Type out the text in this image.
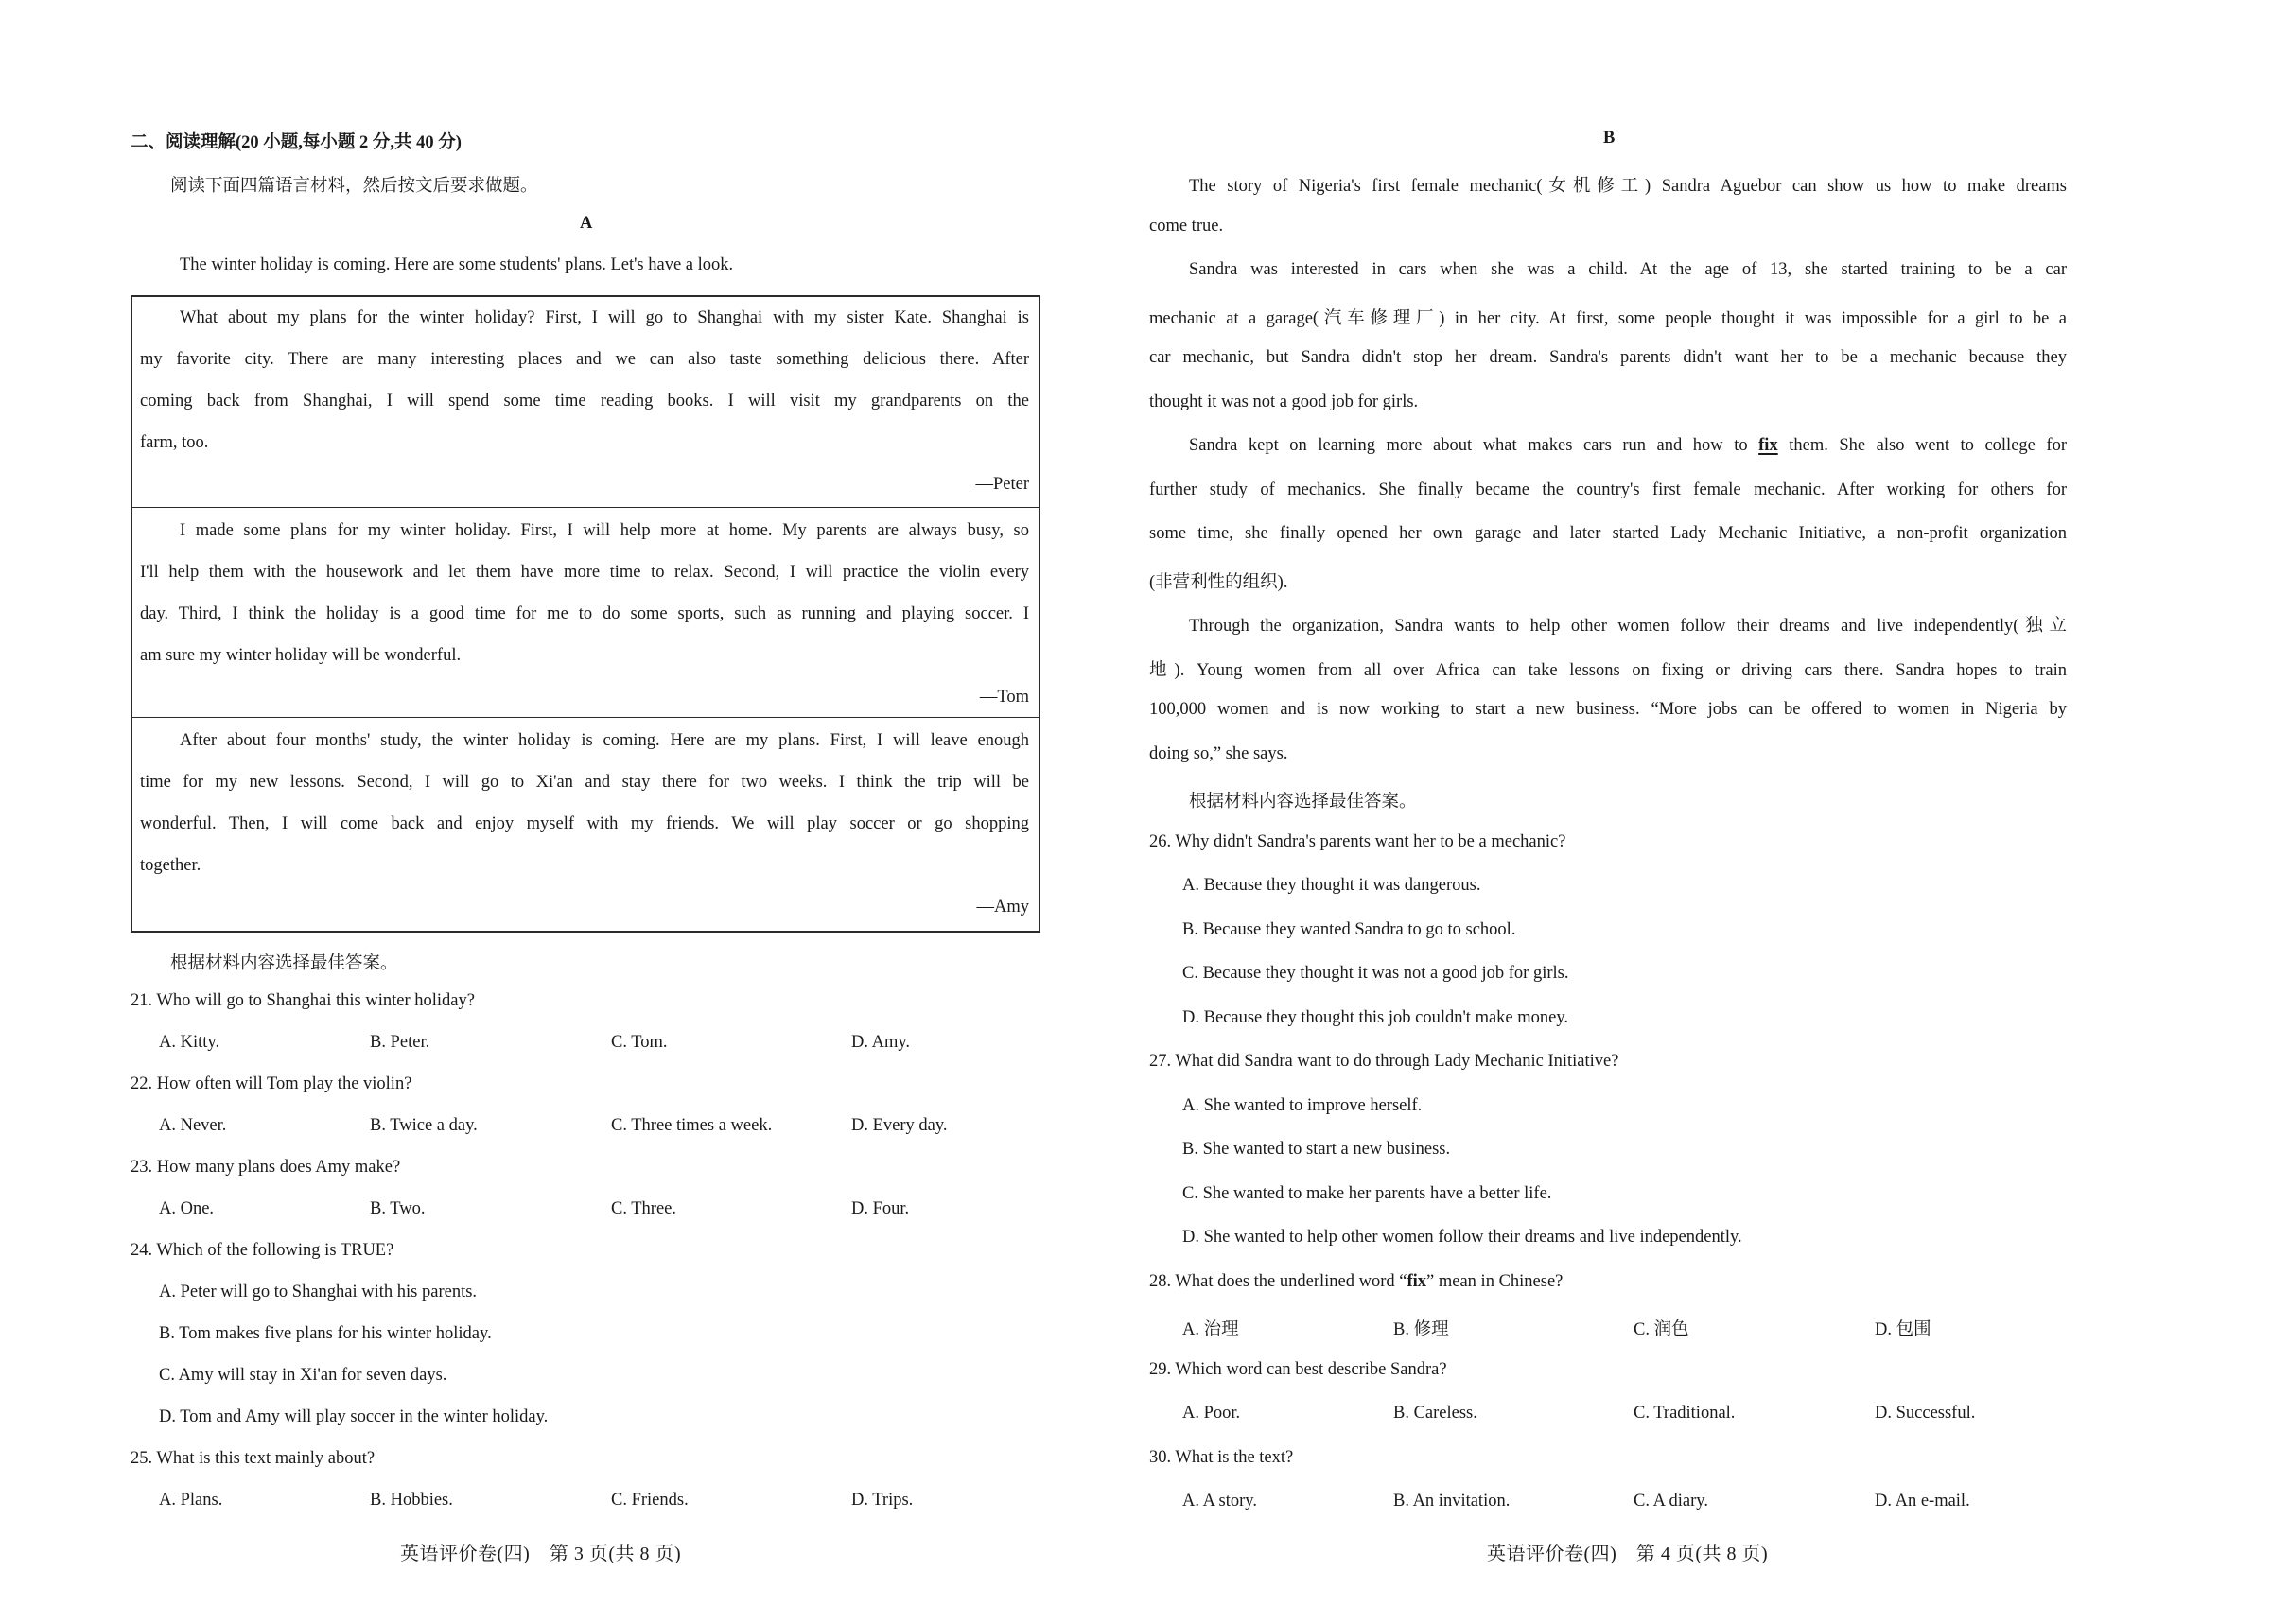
二、阅读理解(20 小题,每小题 2 分,共 40 分)
阅读下面四篇语言材料，然后按文后要求做题。
A
The winter holiday is coming. Here are some students' plans. Let's have a look.
What about my plans for the winter holiday? First, I will go to Shanghai with my sister Kate. Shanghai is
my favorite city. There are many interesting places and we can also taste something delicious there. After
coming back from Shanghai, I will spend some time reading books. I will visit my grandparents on the
farm, too.
—Peter
I made some plans for my winter holiday. First, I will help more at home. My parents are always busy, so
I'll help them with the housework and let them have more time to relax. Second, I will practice the violin every
day. Third, I think the holiday is a good time for me to do some sports, such as running and playing soccer. I
am sure my winter holiday will be wonderful.
—Tom
After about four months' study, the winter holiday is coming. Here are my plans. First, I will leave enough
time for my new lessons. Second, I will go to Xi'an and stay there for two weeks. I think the trip will be
wonderful. Then, I will come back and enjoy myself with my friends. We will play soccer or go shopping
together.
—Amy
根据材料内容选择最佳答案。
21. Who will go to Shanghai this winter holiday?
A. Kitty.	B. Peter.	C. Tom.	D. Amy.
22. How often will Tom play the violin?
A. Never.	B. Twice a day.	C. Three times a week.	D. Every day.
23. How many plans does Amy make?
A. One.	B. Two.	C. Three.	D. Four.
24. Which of the following is TRUE?
A. Peter will go to Shanghai with his parents.
B. Tom makes five plans for his winter holiday.
C. Amy will stay in Xi'an for seven days.
D. Tom and Amy will play soccer in the winter holiday.
25. What is this text mainly about?
A. Plans.	B. Hobbies.	C. Friends.	D. Trips.
英语评价卷(四)　第 3 页(共 8 页)
B
The story of Nigeria's first female mechanic(女机修工) Sandra Aguebor can show us how to make dreams
come true.
Sandra was interested in cars when she was a child. At the age of 13, she started training to be a car
mechanic at a garage(汽车修理厂) in her city. At first, some people thought it was impossible for a girl to be a
car mechanic, but Sandra didn't stop her dream. Sandra's parents didn't want her to be a mechanic because they
thought it was not a good job for girls.
Sandra kept on learning more about what makes cars run and how to fix them. She also went to college for
further study of mechanics. She finally became the country's first female mechanic. After working for others for
some time, she finally opened her own garage and later started Lady Mechanic Initiative, a non-profit organization
(非营利性的组织).
Through the organization, Sandra wants to help other women follow their dreams and live independently(独立
地). Young women from all over Africa can take lessons on fixing or driving cars there. Sandra hopes to train
100,000 women and is now working to start a new business. “More jobs can be offered to women in Nigeria by
doing so,” she says.
根据材料内容选择最佳答案。
26. Why didn't Sandra's parents want her to be a mechanic?
A. Because they thought it was dangerous.
B. Because they wanted Sandra to go to school.
C. Because they thought it was not a good job for girls.
D. Because they thought this job couldn't make money.
27. What did Sandra want to do through Lady Mechanic Initiative?
A. She wanted to improve herself.
B. She wanted to start a new business.
C. She wanted to make her parents have a better life.
D. She wanted to help other women follow their dreams and live independently.
28. What does the underlined word “fix” mean in Chinese?
A. 治理	B. 修理	C. 润色	D. 包围
29. Which word can best describe Sandra?
A. Poor.	B. Careless.	C. Traditional.	D. Successful.
30. What is the text?
A. A story.	B. An invitation.	C. A diary.	D. An e-mail.
英语评价卷(四)　第 4 页(共 8 页)
